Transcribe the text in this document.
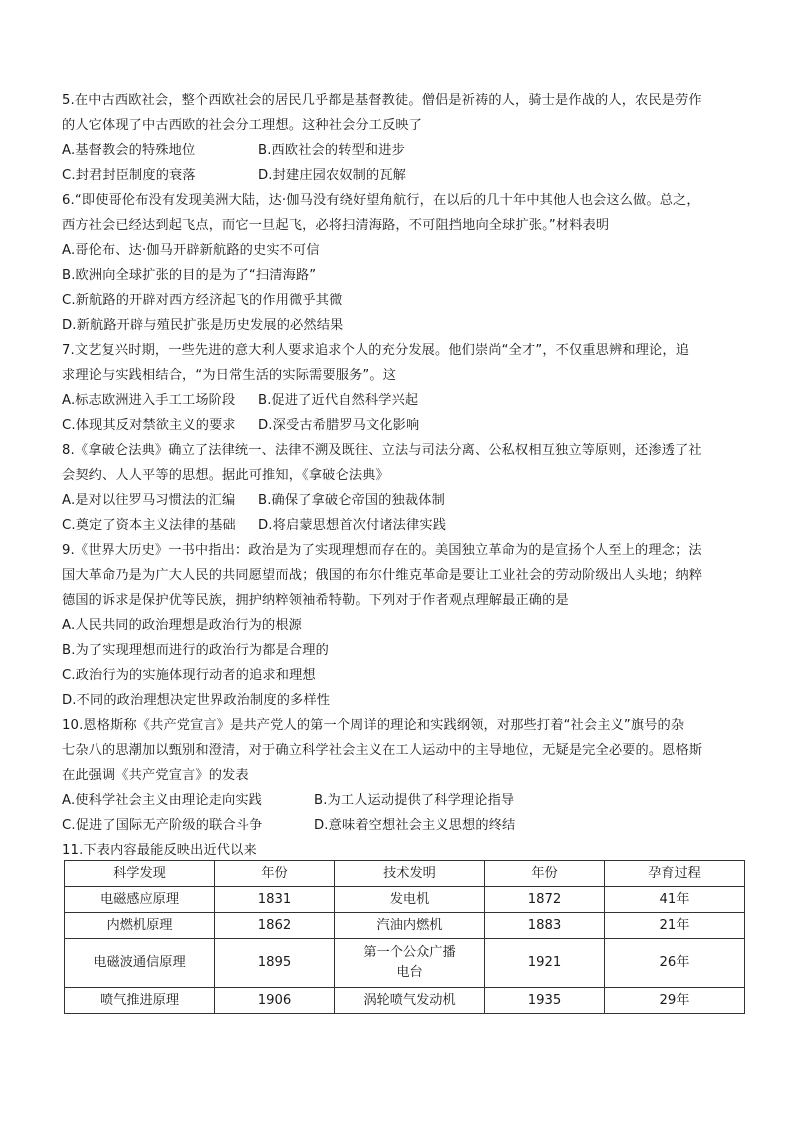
5.在中古西欧社会，整个西欧社会的居民几乎都是基督教徒。僧侣是祈祷的人，骑士是作战的人，农民是劳作
的人它体现了中古西欧的社会分工理想。这种社会分工反映了
A.基督教会的特殊地位	B.西欧社会的转型和进步
C.封君封臣制度的衰落	D.封建庄园农奴制的瓦解
6.“即使哥伦布没有发现美洲大陆，达·伽马没有绕好望角航行，在以后的几十年中其他人也会这么做。总之，
西方社会已经达到起飞点，而它一旦起飞，必将扫清海路，不可阻挡地向全球扩张。”材料表明
A.哥伦布、达·伽马开辟新航路的史实不可信
B.欧洲向全球扩张的目的是为了“扫清海路”
C.新航路的开辟对西方经济起飞的作用微乎其微
D.新航路开辟与殖民扩张是历史发展的必然结果
7.文艺复兴时期，一些先进的意大利人要求追求个人的充分发展。他们崇尚“全才”，不仅重思辨和理论，追
求理论与实践相结合，“为日常生活的实际需要服务”。这
A.标志欧洲进入手工工场阶段	B.促进了近代自然科学兴起
C.体现其反对禁欲主义的要求	D.深受古希腊罗马文化影响
8.《拿破仑法典》确立了法律统一、法律不溯及既往、立法与司法分离、公私权相互独立等原则，还渗透了社
会契约、人人平等的思想。据此可推知，《拿破仑法典》
A.是对以往罗马习惯法的汇编	B.确保了拿破仑帝国的独裁体制
C.奠定了资本主义法律的基础	D.将启蒙思想首次付诸法律实践
9.《世界大历史》一书中指出：政治是为了实现理想而存在的。美国独立革命为的是宣扬个人至上的理念；法
国大革命乃是为广大人民的共同愿望而战；俄国的布尔什维克革命是要让工业社会的劳动阶级出人头地；纳粹
德国的诉求是保护优等民族，拥护纳粹领袖希特勒。下列对于作者观点理解最正确的是
A.人民共同的政治理想是政治行为的根源
B.为了实现理想而进行的政治行为都是合理的
C.政治行为的实施体现行动者的追求和理想
D.不同的政治理想决定世界政治制度的多样性
10.恩格斯称《共产党宣言》是共产党人的第一个周详的理论和实践纲领，对那些打着“社会主义”旗号的杂
七杂八的思潮加以甄别和澄清，对于确立科学社会主义在工人运动中的主导地位，无疑是完全必要的。恩格斯
在此强调《共产党宣言》的发表
A.使科学社会主义由理论走向实践	B.为工人运动提供了科学理论指导
C.促进了国际无产阶级的联合斗争	D.意味着空想社会主义思想的终结
11.下表内容最能反映出近代以来
科学发现	年份	技术发明	年份	孕育过程
电磁感应原理	1831	发电机	1872	41年
内燃机原理	1862	汽油内燃机	1883	21年
电磁波通信原理	1895	第一个公众广播电台	1921	26年
喷气推进原理	1906	涡轮喷气发动机	1935	29年
